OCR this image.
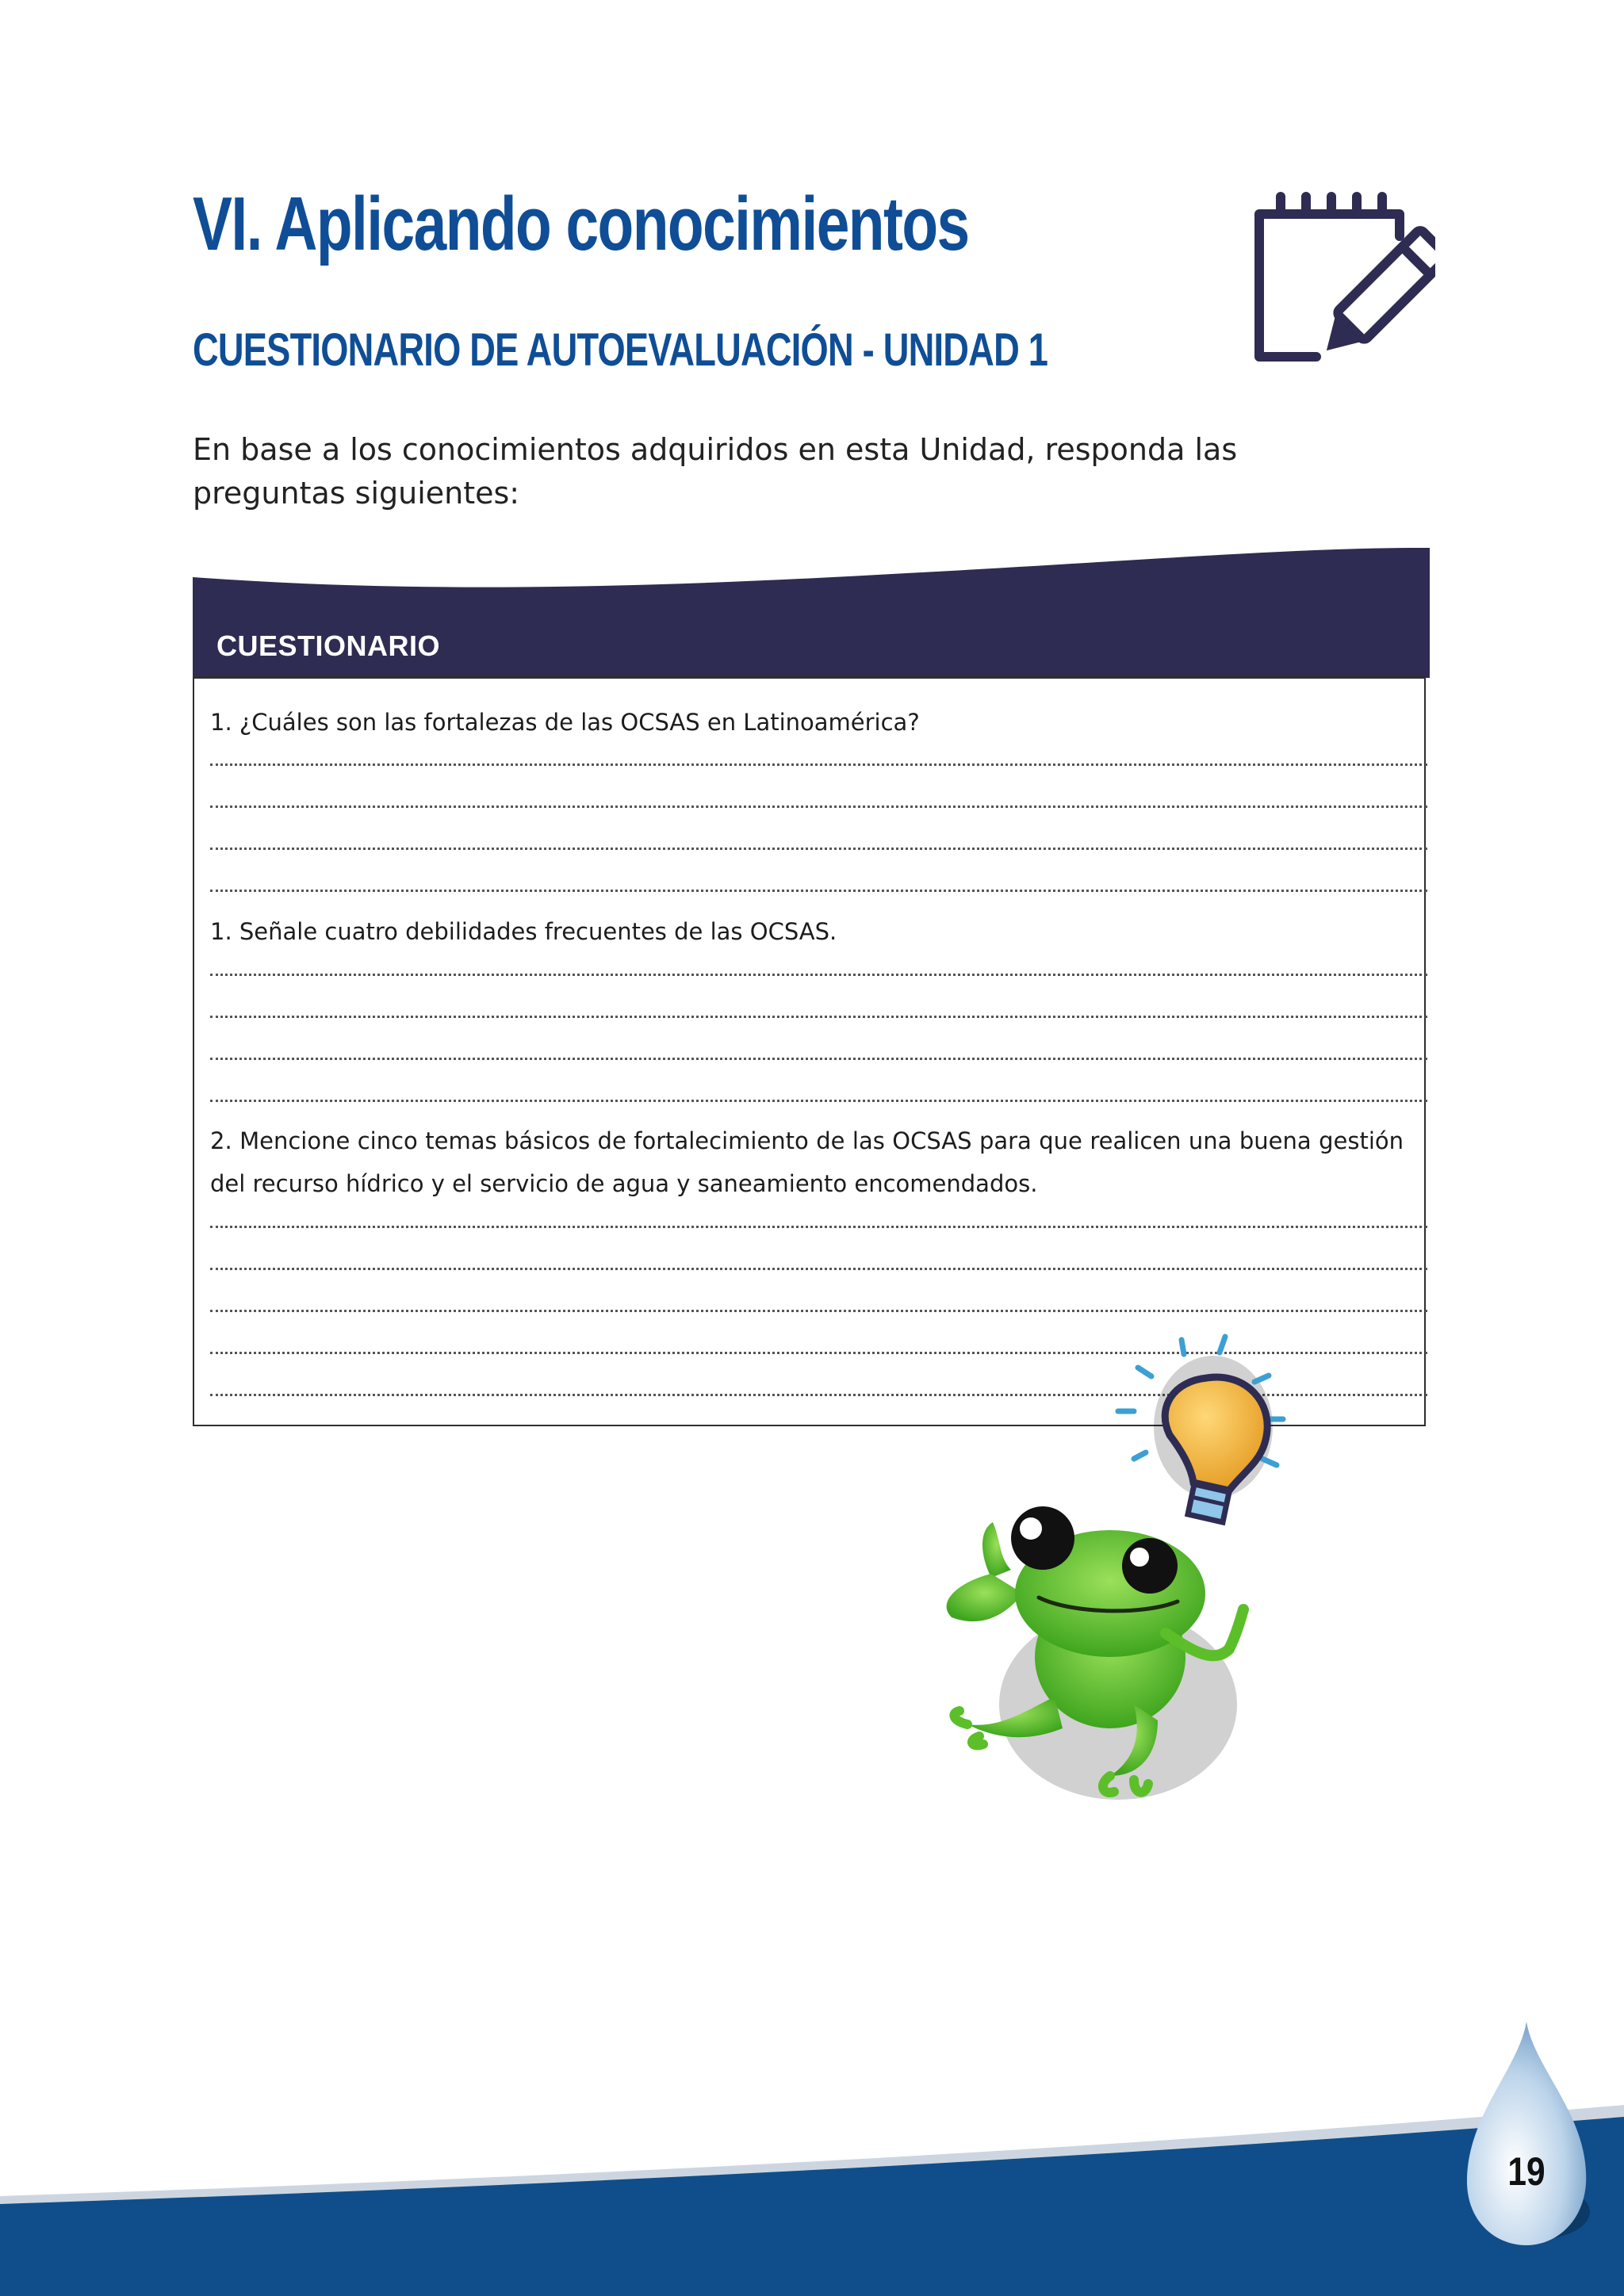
VI. Aplicando conocimientos
CUESTIONARIO DE AUTOEVALUACIÓN - UNIDAD 1

En base a los conocimientos adquiridos en esta Unidad, responda las preguntas siguientes:

CUESTIONARIO

1. ¿Cuáles son las fortalezas de las OCSAS en Latinoamérica?

1. Señale cuatro debilidades frecuentes de las OCSAS.

2. Mencione cinco temas básicos de fortalecimiento de las OCSAS para que realicen una buena gestión del recurso hídrico y el servicio de agua y saneamiento encomendados.

19
